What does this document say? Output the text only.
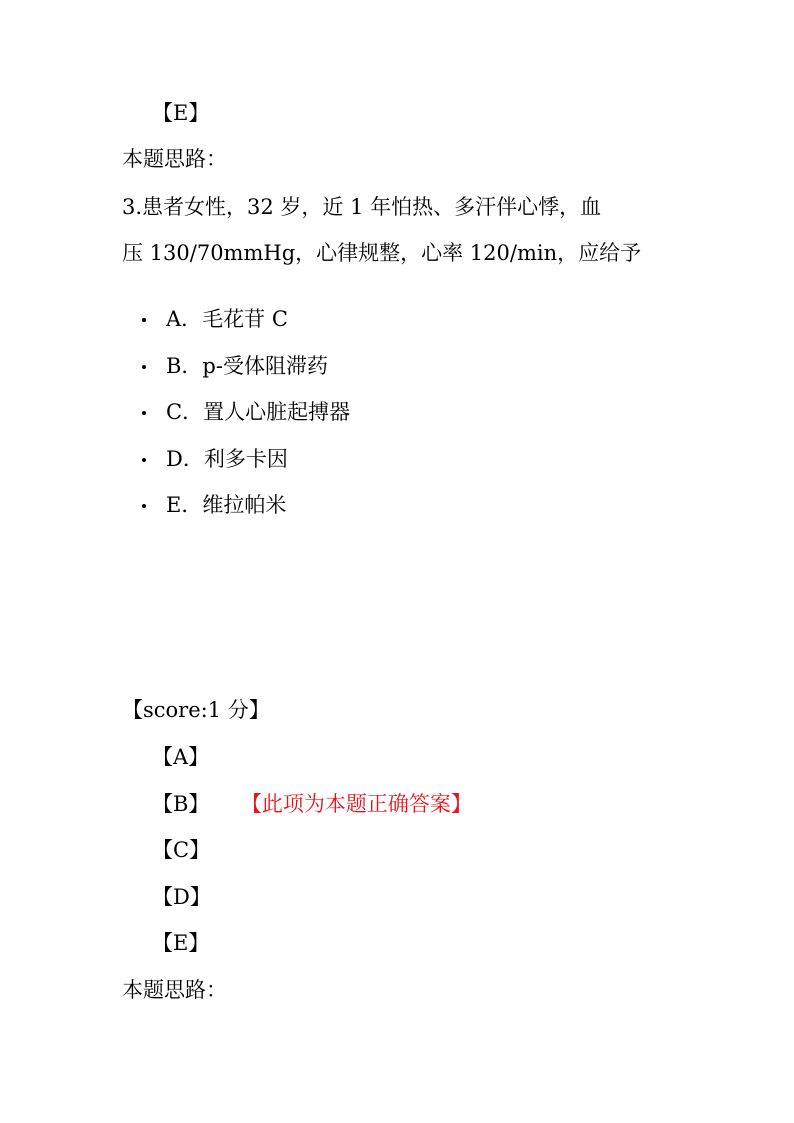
【E】
本题思路：
3.患者女性，32 岁，近 1 年怕热、多汗伴心悸，血
压 130/70mmHg，心律规整，心率 120/min，应给予
A．毛花苷 C
B．p-受体阻滞药
C．置人心脏起搏器
D．利多卡因
E．维拉帕米
【score:1 分】
【A】
【B】 【此项为本题正确答案】
【C】
【D】
【E】
本题思路：
